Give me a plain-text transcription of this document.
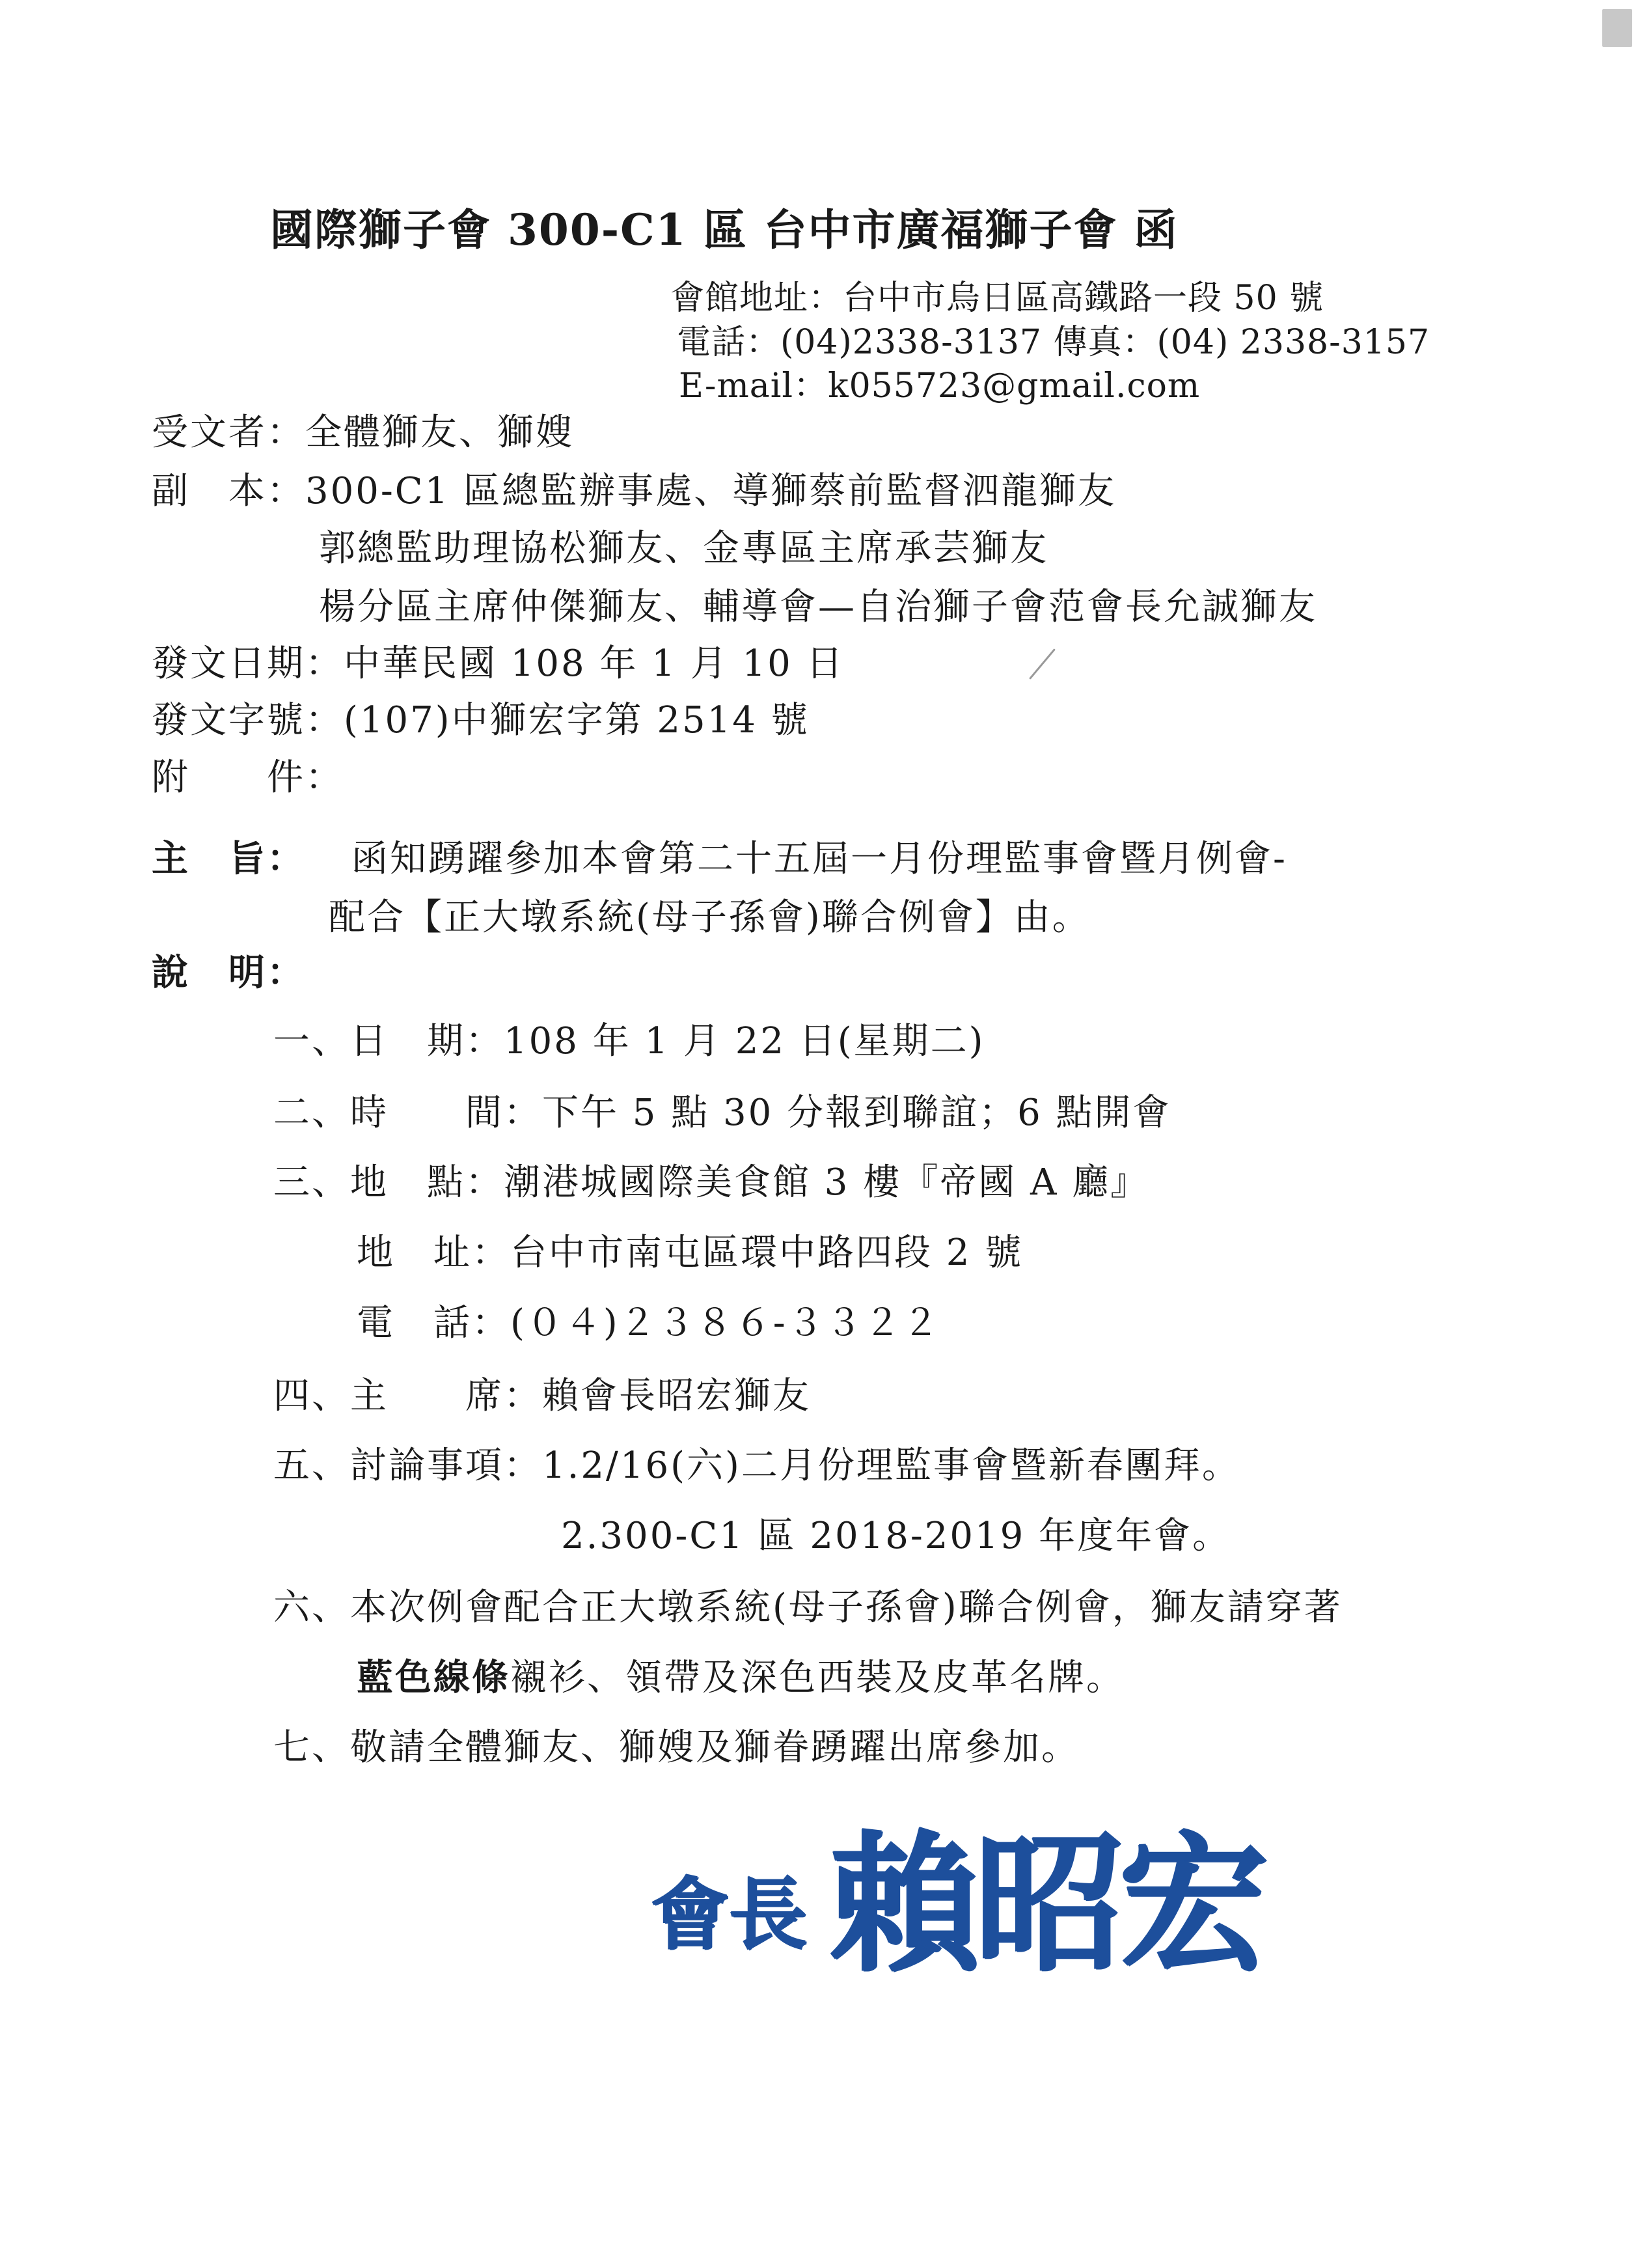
國際獅子會 300-C1 區 台中市廣福獅子會 函
會館地址：台中市烏日區高鐵路一段 50 號
電話：(04)2338-3137 傳真：(04) 2338-3157
E-mail：k055723@gmail.com
受文者：全體獅友、獅嫂
副　本：300-C1 區總監辦事處、導獅蔡前監督泗龍獅友
郭總監助理協松獅友、金專區主席承芸獅友
楊分區主席仲傑獅友、輔導會—自治獅子會范會長允誠獅友
發文日期：中華民國 108 年 1 月 10 日
發文字號：(107)中獅宏字第 2514 號
附　　件：
主　旨： 函知踴躍參加本會第二十五屆一月份理監事會暨月例會-
配合【正大墩系統(母子孫會)聯合例會】由。
說　明：
一、日　期：108 年 1 月 22 日(星期二)
二、時　　間：下午 5 點 30 分報到聯誼；6 點開會
三、地　點：潮港城國際美食館 3 樓『帝國 A 廳』
地　址：台中市南屯區環中路四段 2 號
電　話：(０４)２３８６-３３２２
四、主　　席：賴會長昭宏獅友
五、討論事項：1.2/16(六)二月份理監事會暨新春團拜。
2.300-C1 區 2018-2019 年度年會。
六、本次例會配合正大墩系統(母子孫會)聯合例會，獅友請穿著
藍色線條襯衫、領帶及深色西裝及皮革名牌。
七、敬請全體獅友、獅嫂及獅眷踴躍出席參加。
會長 賴昭宏
